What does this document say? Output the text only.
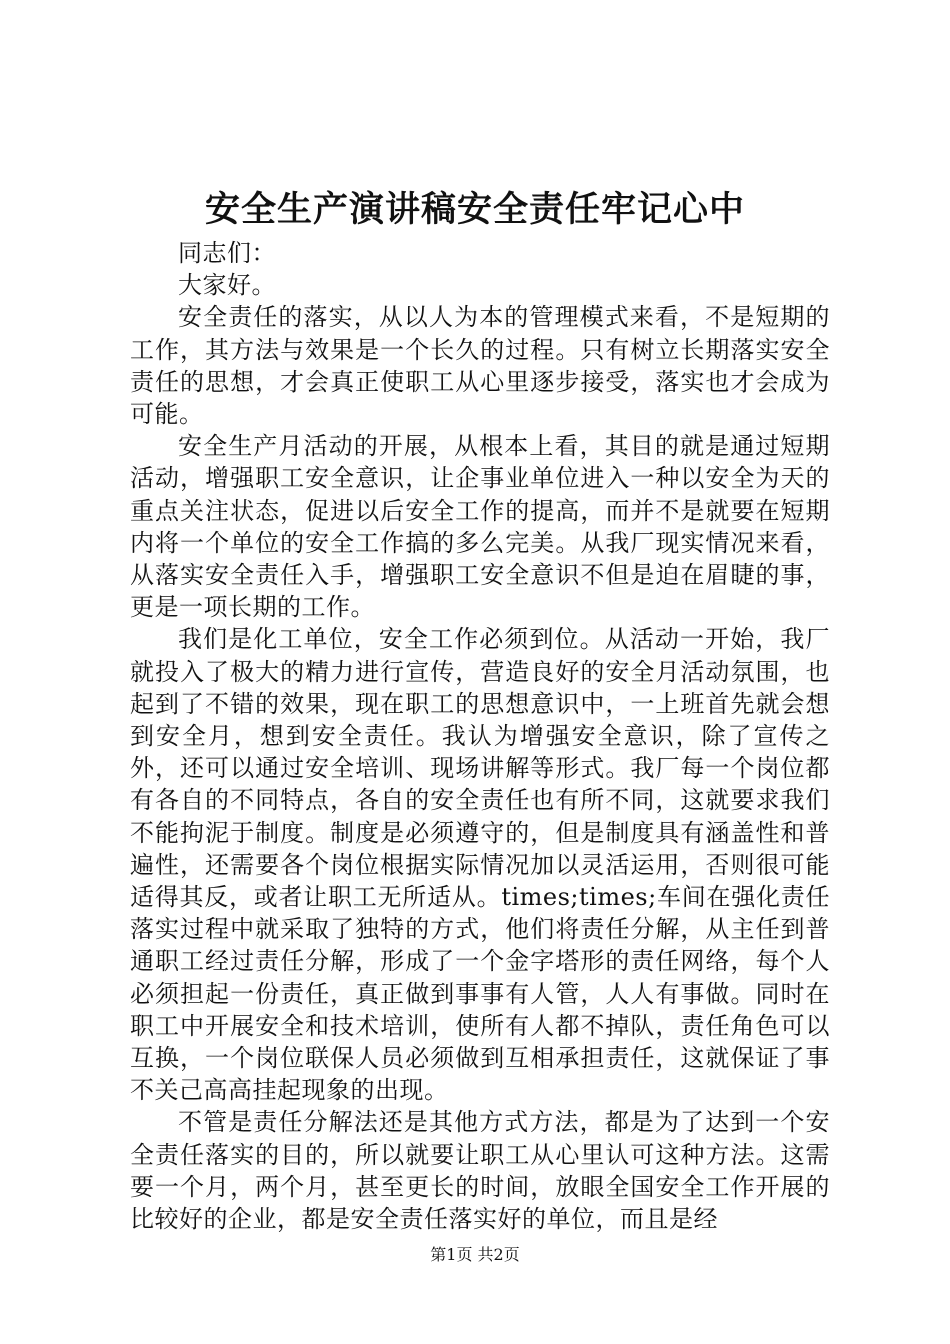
安全生产演讲稿安全责任牢记心中

同志们：

大家好。

安全责任的落实，从以人为本的管理模式来看，不是短期的工作，其方法与效果是一个长久的过程。只有树立长期落实安全责任的思想，才会真正使职工从心里逐步接受，落实也才会成为可能。

安全生产月活动的开展，从根本上看，其目的就是通过短期活动，增强职工安全意识，让企事业单位进入一种以安全为天的重点关注状态，促进以后安全工作的提高，而并不是就要在短期内将一个单位的安全工作搞的多么完美。从我厂现实情况来看，从落实安全责任入手，增强职工安全意识不但是迫在眉睫的事，更是一项长期的工作。

我们是化工单位，安全工作必须到位。从活动一开始，我厂就投入了极大的精力进行宣传，营造良好的安全月活动氛围，也起到了不错的效果，现在职工的思想意识中，一上班首先就会想到安全月，想到安全责任。我认为增强安全意识，除了宣传之外，还可以通过安全培训、现场讲解等形式。我厂每一个岗位都有各自的不同特点，各自的安全责任也有所不同，这就要求我们不能拘泥于制度。制度是必须遵守的，但是制度具有涵盖性和普遍性，还需要各个岗位根据实际情况加以灵活运用，否则很可能适得其反，或者让职工无所适从。times;times;车间在强化责任落实过程中就采取了独特的方式，他们将责任分解，从主任到普通职工经过责任分解，形成了一个金字塔形的责任网络，每个人必须担起一份责任，真正做到事事有人管，人人有事做。同时在职工中开展安全和技术培训，使所有人都不掉队，责任角色可以互换，一个岗位联保人员必须做到互相承担责任，这就保证了事不关己高高挂起现象的出现。

不管是责任分解法还是其他方式方法，都是为了达到一个安全责任落实的目的，所以就要让职工从心里认可这种方法。这需要一个月，两个月，甚至更长的时间，放眼全国安全工作开展的比较好的企业，都是安全责任落实好的单位，而且是经

第1页 共2页
